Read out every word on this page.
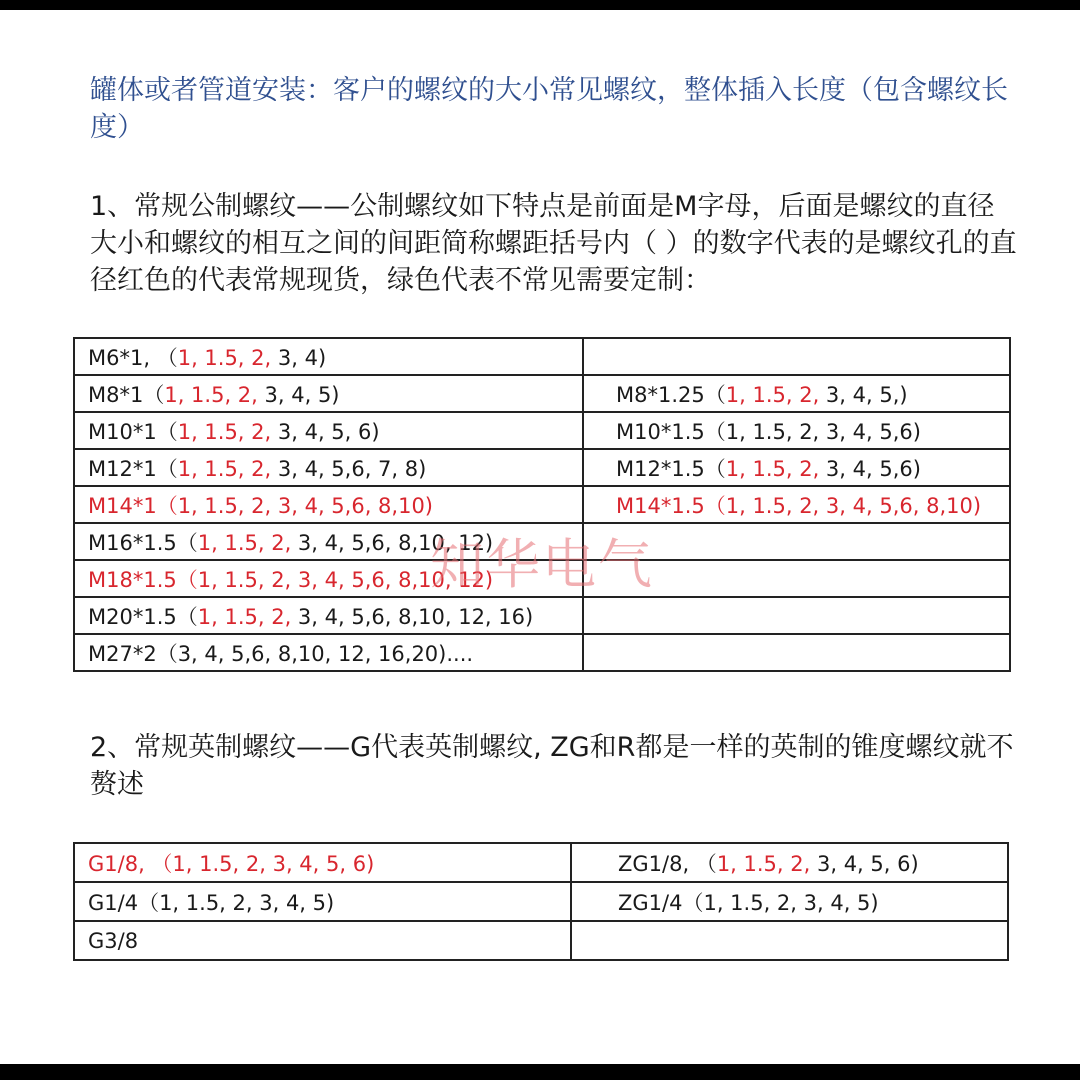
罐体或者管道安装：客户的螺纹的大小常见螺纹，整体插入长度（包含螺纹长度）
1、常规公制螺纹——公制螺纹如下特点是前面是M字母，后面是螺纹的直径大小和螺纹的相互之间的间距简称螺距括号内（ ）的数字代表的是螺纹孔的直径红色的代表常规现货，绿色代表不常见需要定制：
M6*1, （1, 1.5, 2, 3, 4)	
M8*1（1, 1.5, 2, 3, 4, 5)	M8*1.25（1, 1.5, 2, 3, 4, 5,)
M10*1（1, 1.5, 2, 3, 4, 5, 6)	M10*1.5（1, 1.5, 2, 3, 4, 5,6)
M12*1（1, 1.5, 2, 3, 4, 5,6, 7, 8)	M12*1.5（1, 1.5, 2, 3, 4, 5,6)
M14*1（1, 1.5, 2, 3, 4, 5,6, 8,10)	M14*1.5（1, 1.5, 2, 3, 4, 5,6, 8,10)
M16*1.5（1, 1.5, 2, 3, 4, 5,6, 8,10, 12)	
M18*1.5（1, 1.5, 2, 3, 4, 5,6, 8,10, 12)	
M20*1.5（1, 1.5, 2, 3, 4, 5,6, 8,10, 12, 16)	
M27*2（3, 4, 5,6, 8,10, 12, 16,20)....	
2、常规英制螺纹——G代表英制螺纹, ZG和R都是一样的英制的锥度螺纹就不赘述
G1/8, （1, 1.5, 2, 3, 4, 5, 6)	ZG1/8, （1, 1.5, 2, 3, 4, 5, 6)
G1/4（1, 1.5, 2, 3, 4, 5)	ZG1/4（1, 1.5, 2, 3, 4, 5)
G3/8	
知华电气
